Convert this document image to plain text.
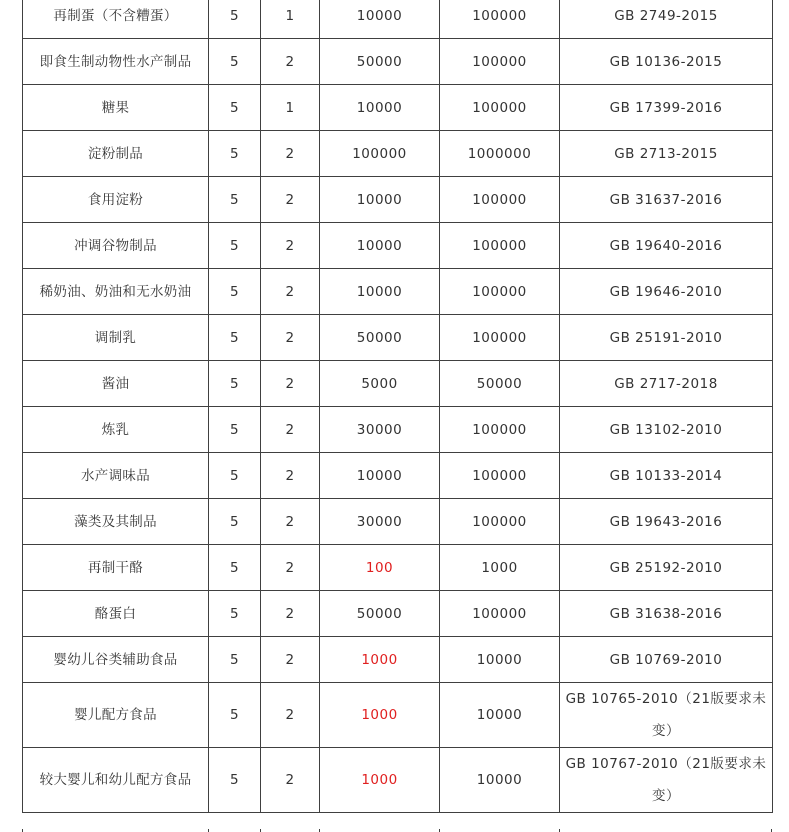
再制蛋（不含糟蛋）	5	1	10000	100000	GB 2749-2015
即食生制动物性水产制品	5	2	50000	100000	GB 10136-2015
糖果	5	1	10000	100000	GB 17399-2016
淀粉制品	5	2	100000	1000000	GB 2713-2015
食用淀粉	5	2	10000	100000	GB 31637-2016
冲调谷物制品	5	2	10000	100000	GB 19640-2016
稀奶油、奶油和无水奶油	5	2	10000	100000	GB 19646-2010
调制乳	5	2	50000	100000	GB 25191-2010
酱油	5	2	5000	50000	GB 2717-2018
炼乳	5	2	30000	100000	GB 13102-2010
水产调味品	5	2	10000	100000	GB 10133-2014
藻类及其制品	5	2	30000	100000	GB 19643-2016
再制干酪	5	2	100	1000	GB 25192-2010
酪蛋白	5	2	50000	100000	GB 31638-2016
婴幼儿谷类辅助食品	5	2	1000	10000	GB 10769-2010
婴儿配方食品	5	2	1000	10000	GB 10765-2010（21版要求未变）
较大婴儿和幼儿配方食品	5	2	1000	10000	GB 10767-2010（21版要求未变）
